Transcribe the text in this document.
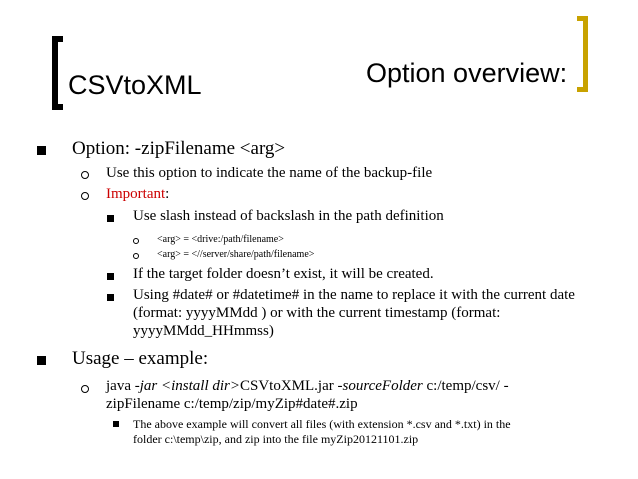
CSVtoXML	Option overview:
Option: -zipFilename <arg>
Use this option to indicate the name of the backup-file
Important:
Use slash instead of backslash in the path definition
<arg> = <drive:/path/filename>
<arg> = <//server/share/path/filename>
If the target folder doesn’t exist, it will be created.
Using #date# or #datetime# in the name to replace it with the current date
(format: yyyyMMdd ) or with the current timestamp (format:
yyyyMMdd_HHmmss)
Usage – example:
java -jar <install dir>CSVtoXML.jar -sourceFolder c:/temp/csv/ -
zipFilename c:/temp/zip/myZip#date#.zip
The above example will convert all files (with extension *.csv and *.txt) in the
folder c:\temp\zip, and zip into the file myZip20121101.zip
